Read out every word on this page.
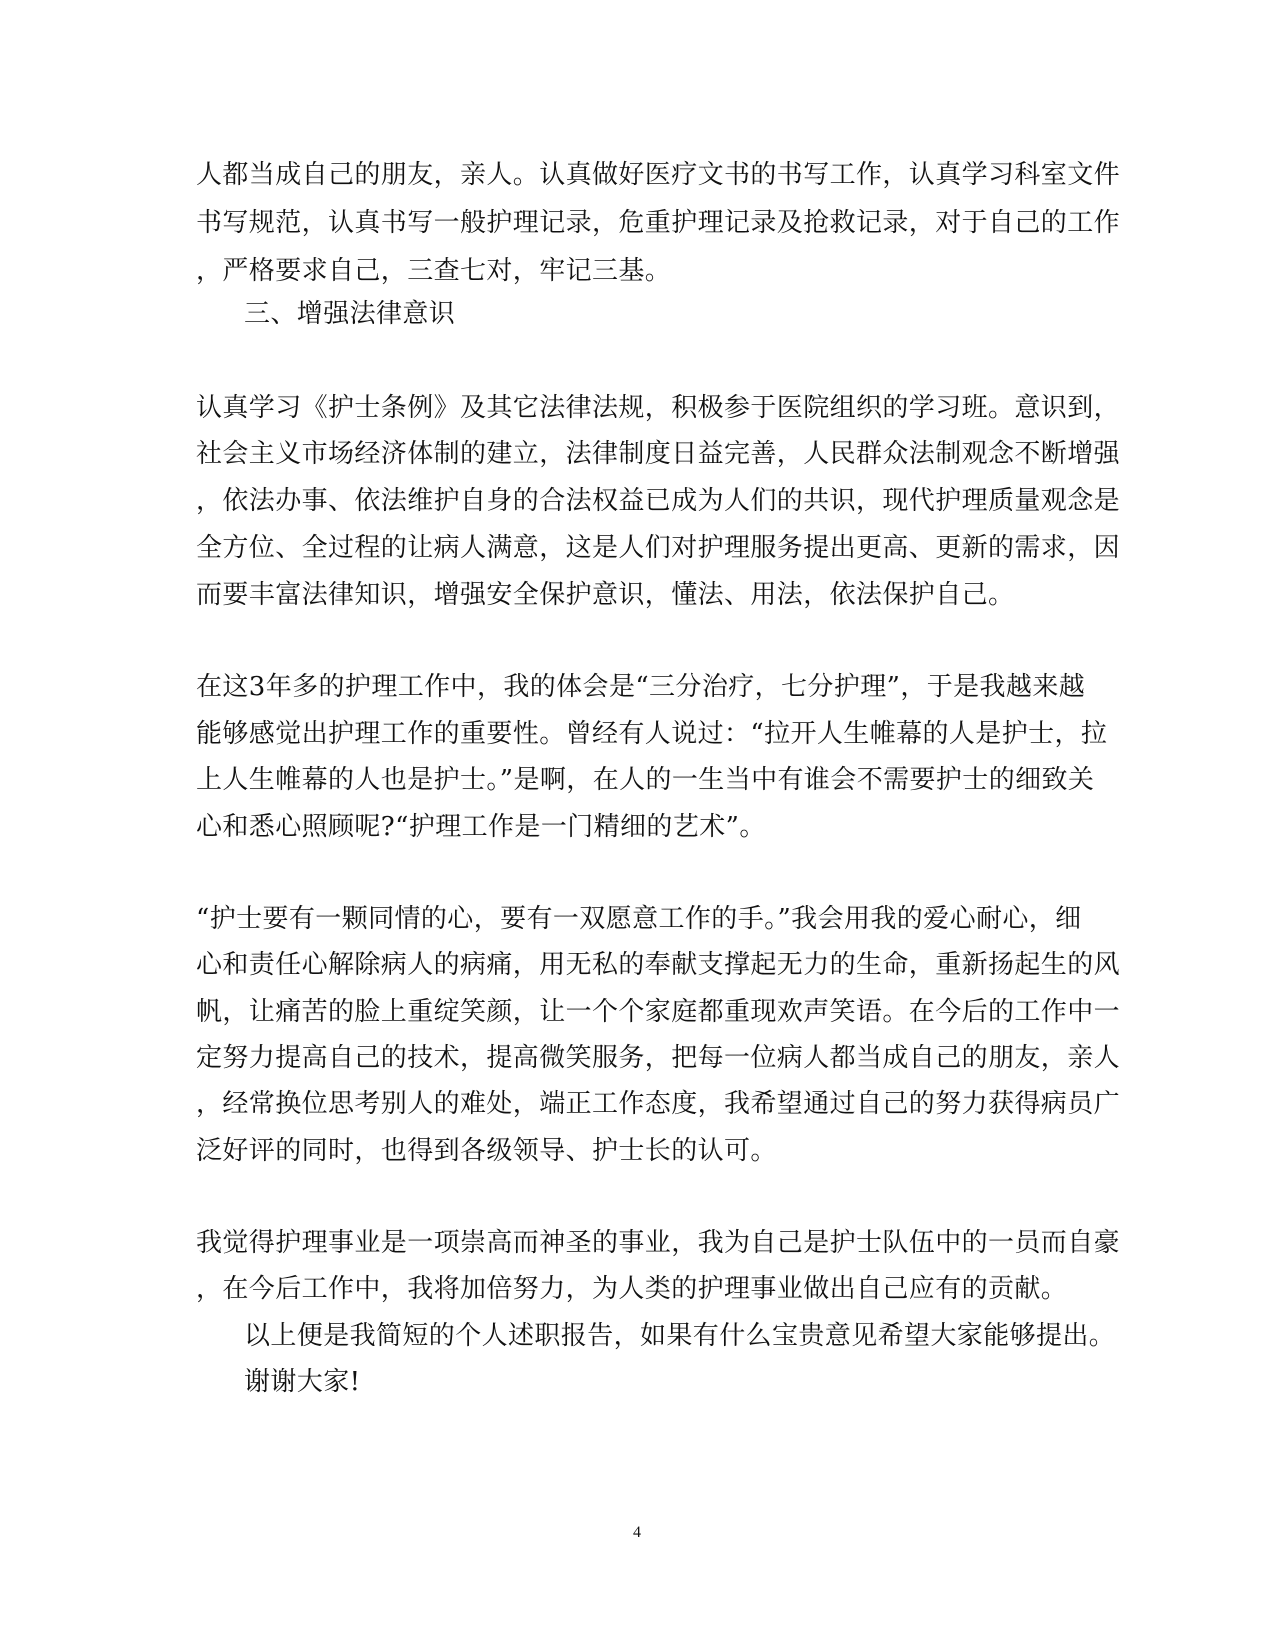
人都当成自己的朋友，亲人。认真做好医疗文书的书写工作，认真学习科室文件
书写规范，认真书写一般护理记录，危重护理记录及抢救记录，对于自己的工作
，严格要求自己，三查七对，牢记三基。
三、增强法律意识
认真学习《护士条例》及其它法律法规，积极参于医院组织的学习班。意识到，
社会主义市场经济体制的建立，法律制度日益完善，人民群众法制观念不断增强
，依法办事、依法维护自身的合法权益已成为人们的共识，现代护理质量观念是
全方位、全过程的让病人满意，这是人们对护理服务提出更高、更新的需求，因
而要丰富法律知识，增强安全保护意识，懂法、用法，依法保护自己。
在这3年多的护理工作中，我的体会是“三分治疗，七分护理”，于是我越来越
能够感觉出护理工作的重要性。曾经有人说过：“拉开人生帷幕的人是护士，拉
上人生帷幕的人也是护士。”是啊，在人的一生当中有谁会不需要护士的细致关
心和悉心照顾呢?“护理工作是一门精细的艺术”。
“护士要有一颗同情的心，要有一双愿意工作的手。”我会用我的爱心耐心，细
心和责任心解除病人的病痛，用无私的奉献支撑起无力的生命，重新扬起生的风
帆，让痛苦的脸上重绽笑颜，让一个个家庭都重现欢声笑语。在今后的工作中一
定努力提高自己的技术，提高微笑服务，把每一位病人都当成自己的朋友，亲人
，经常换位思考别人的难处，端正工作态度，我希望通过自己的努力获得病员广
泛好评的同时，也得到各级领导、护士长的认可。
我觉得护理事业是一项崇高而神圣的事业，我为自己是护士队伍中的一员而自豪
，在今后工作中，我将加倍努力，为人类的护理事业做出自己应有的贡献。
以上便是我简短的个人述职报告，如果有什么宝贵意见希望大家能够提出。
谢谢大家!
4
